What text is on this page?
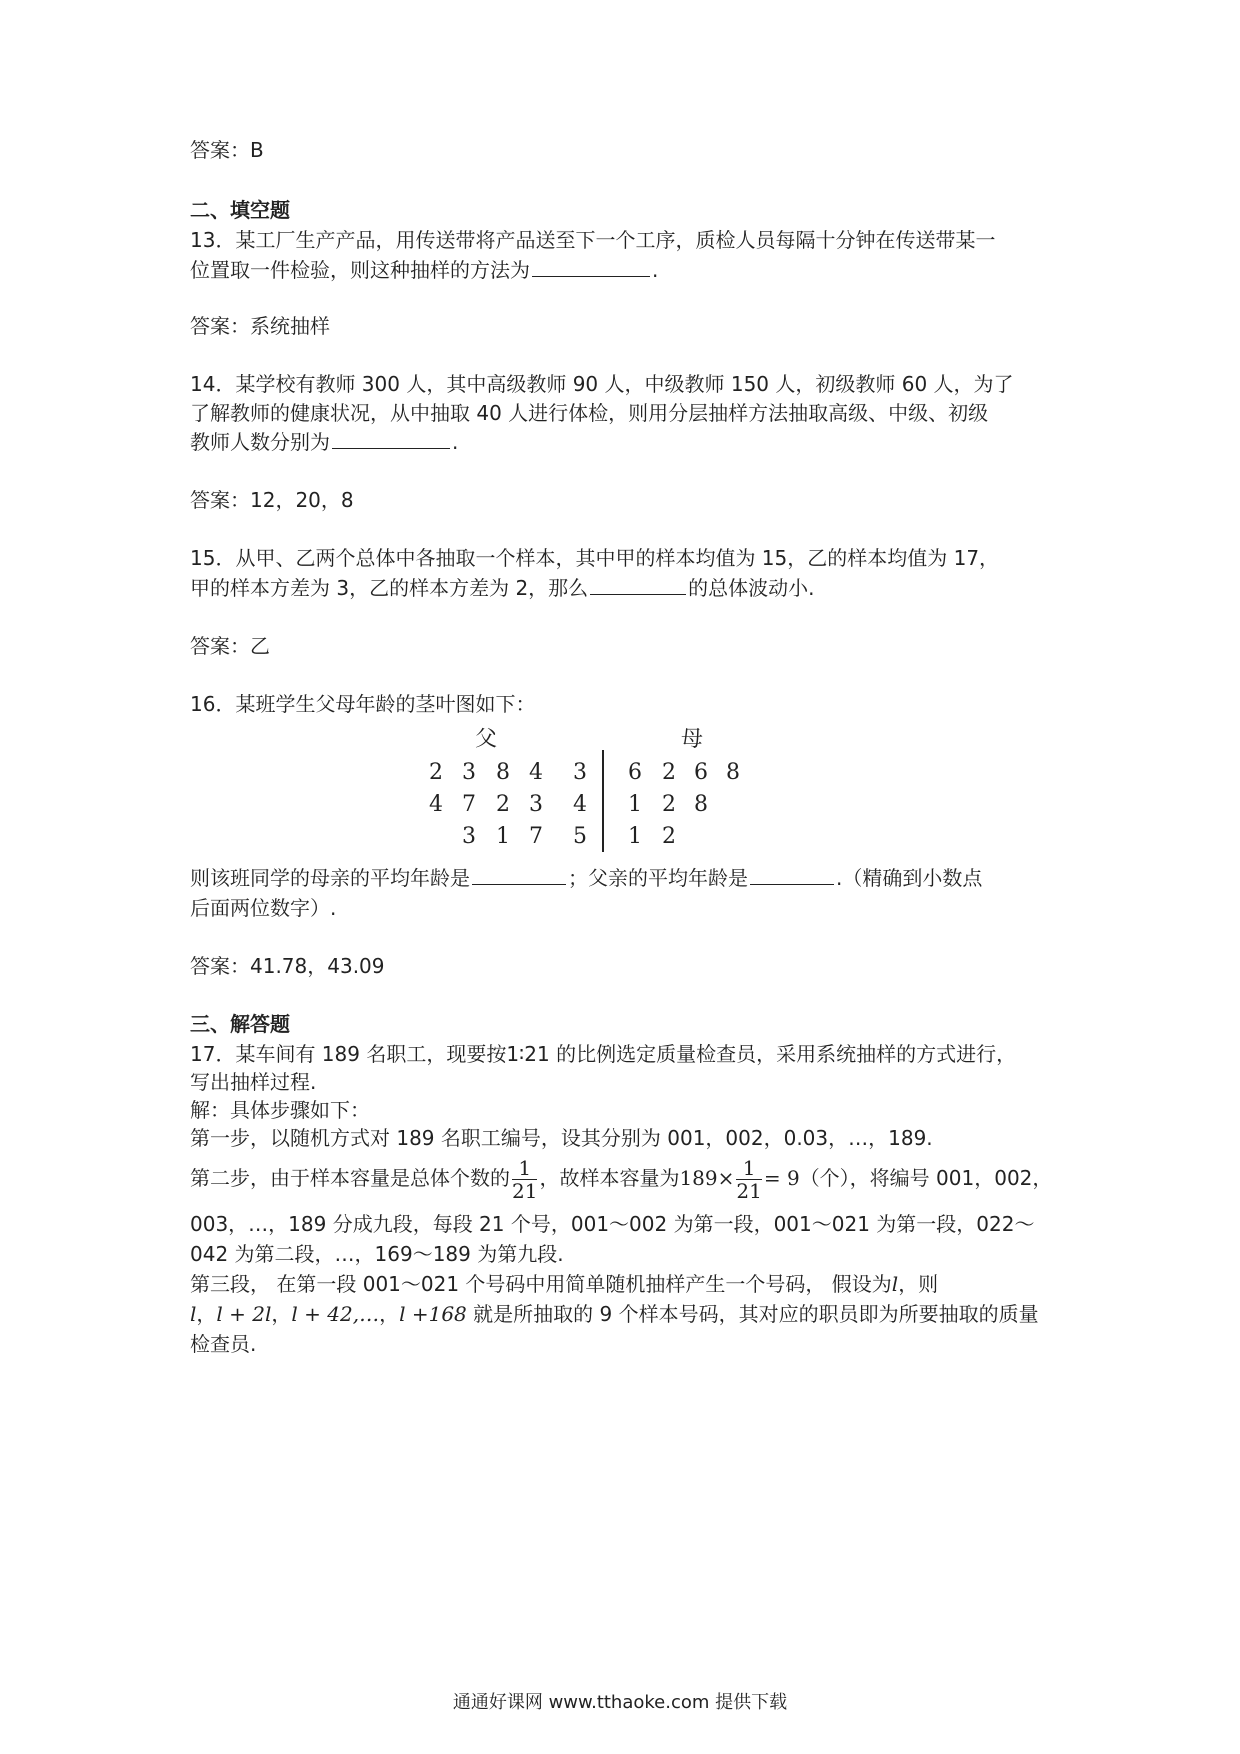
答案：B
二、填空题
13．某工厂生产产品，用传送带将产品送至下一个工序，质检人员每隔十分钟在传送带某一
位置取一件检验，则这种抽样的方法为	.
答案：系统抽样
14．某学校有教师 300 人，其中高级教师 90 人，中级教师 150 人，初级教师 60 人，为了
了解教师的健康状况，从中抽取 40 人进行体检，则用分层抽样方法抽取高级、中级、初级
教师人数分别为	.
答案：12，20，8
15．从甲、乙两个总体中各抽取一个样本，其中甲的样本均值为 15，乙的样本均值为 17，
甲的样本方差为 3，乙的样本方差为 2，那么	的总体波动小.
答案：乙
16．某班学生父母年龄的茎叶图如下：
父	母
2 3 8 4	3	6 2 6 8
4 7 2 3	4	1 2 8
3 1 7	5	1 2
则该班同学的母亲的平均年龄是	；父亲的平均年龄是	.（精确到小数点
后面两位数字）.
答案：41.78，43.09
三、解答题
17．某车间有 189 名职工，现要按1∶21 的比例选定质量检查员，采用系统抽样的方式进行，
写出抽样过程.
解：具体步骤如下：
第一步，以随机方式对 189 名职工编号，设其分别为 001，002，0.03，…，189.
第二步，由于样本容量是总体个数的 $\frac{1}{21}$ ，故样本容量为$189\times \frac{1}{21} = 9$（个），将编号 001，002，
003，…，189 分成九段，每段 21 个号，001～002 为第一段，001～021 为第一段，022～
042 为第二段，…，169～189 为第九段.
第三段， 在第一段 001～021 个号码中用简单随机抽样产生一个号码， 假设为l，则
l，l + 2l，l + 42,…，l +168 就是所抽取的 9 个样本号码，其对应的职员即为所要抽取的质量
检查员.
通通好课网 www.tthaoke.com 提供下载
